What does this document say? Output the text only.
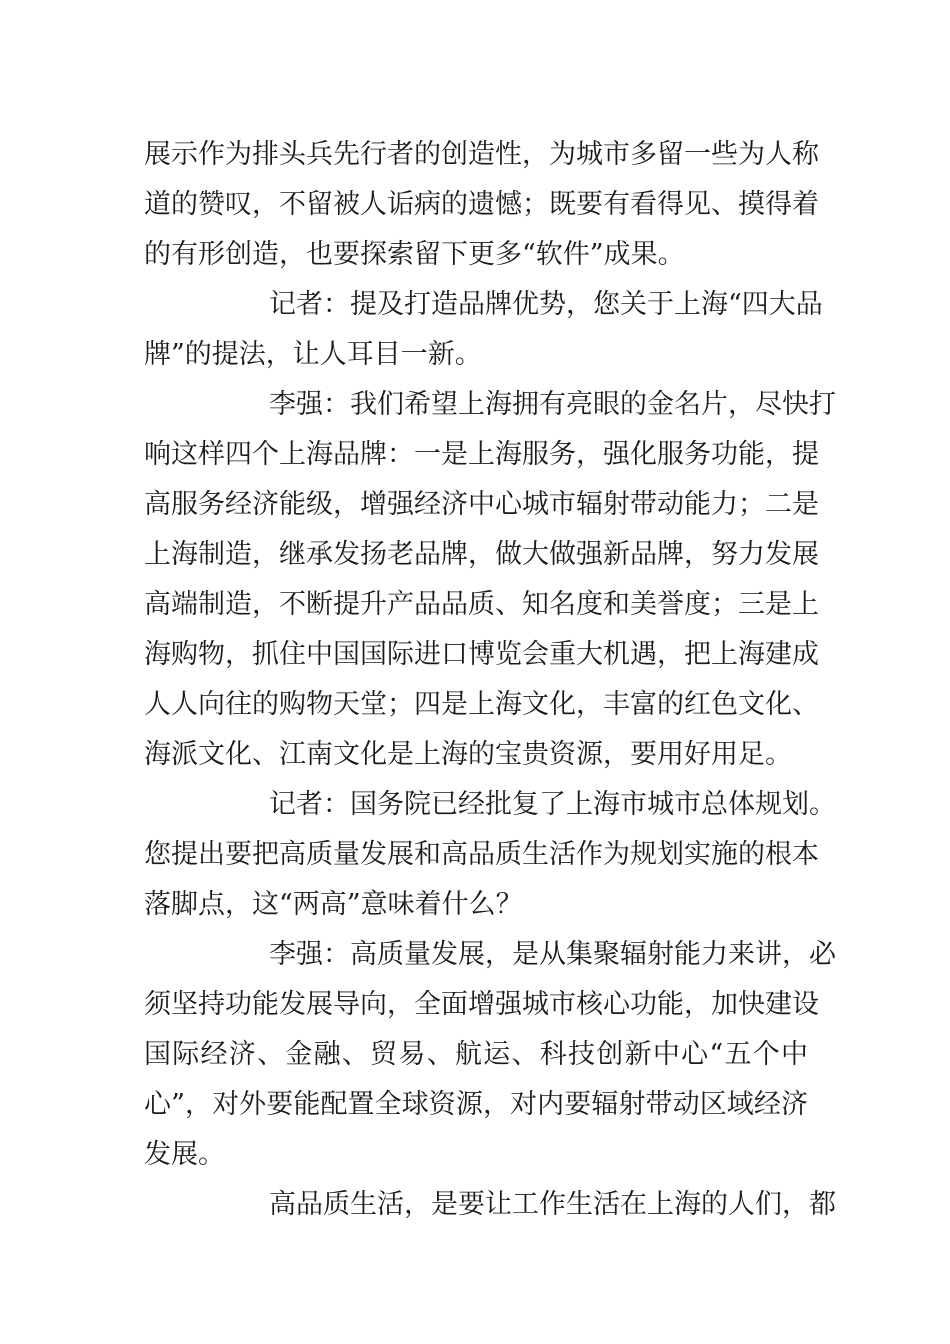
展示作为排头兵先行者的创造性，为城市多留一些为人称
道的赞叹，不留被人诟病的遗憾；既要有看得见、摸得着
的有形创造，也要探索留下更多“软件”成果。
记者：提及打造品牌优势，您关于上海“四大品
牌”的提法，让人耳目一新。
李强：我们希望上海拥有亮眼的金名片，尽快打
响这样四个上海品牌：一是上海服务，强化服务功能，提
高服务经济能级，增强经济中心城市辐射带动能力；二是
上海制造，继承发扬老品牌，做大做强新品牌，努力发展
高端制造，不断提升产品品质、知名度和美誉度；三是上
海购物，抓住中国国际进口博览会重大机遇，把上海建成
人人向往的购物天堂；四是上海文化，丰富的红色文化、
海派文化、江南文化是上海的宝贵资源，要用好用足。
记者：国务院已经批复了上海市城市总体规划。
您提出要把高质量发展和高品质生活作为规划实施的根本
落脚点，这“两高”意味着什么？
李强：高质量发展，是从集聚辐射能力来讲，必
须坚持功能发展导向，全面增强城市核心功能，加快建设
国际经济、金融、贸易、航运、科技创新中心“五个中
心”，对外要能配置全球资源，对内要辐射带动区域经济
发展。
高品质生活，是要让工作生活在上海的人们，都
